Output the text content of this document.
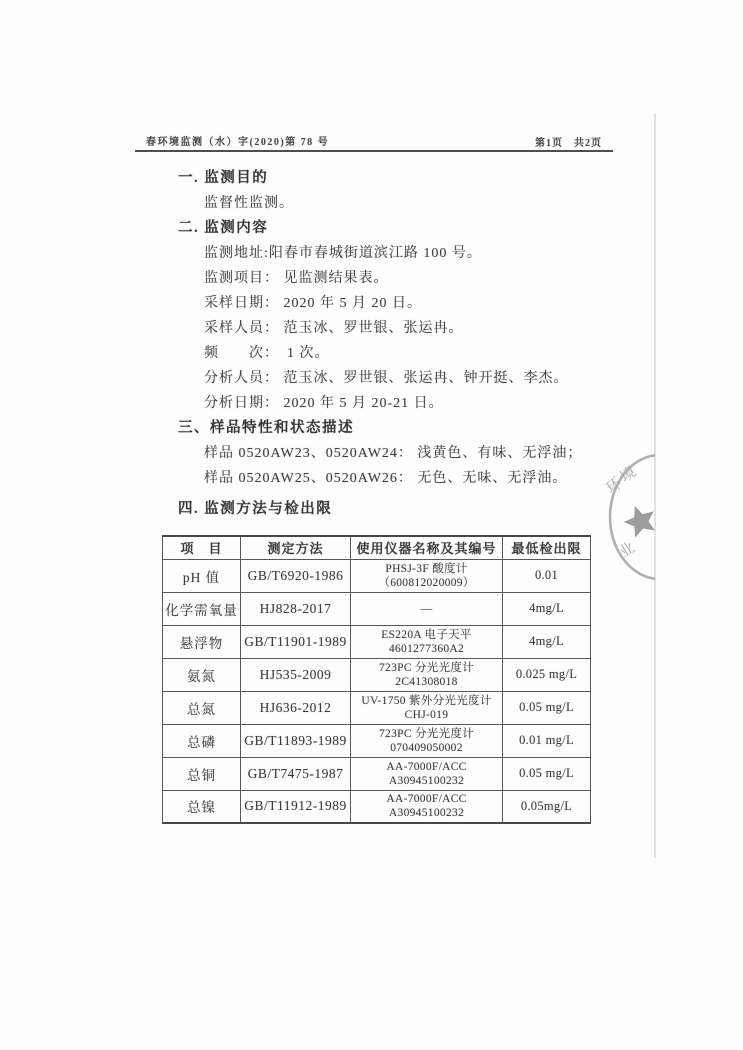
春环境监测（水）字(2020)第 78 号	第1页　共2页
一. 监测目的
监督性监测。
二. 监测内容
监测地址:阳春市春城街道滨江路 100 号。
监测项目： 见监测结果表。
采样日期： 2020 年 5 月 20 日。
采样人员： 范玉冰、罗世银、张运冉。
频　　次：　1 次。
分析人员： 范玉冰、罗世银、张运冉、钟开挺、李杰。
分析日期： 2020 年 5 月 20-21 日。
三、样品特性和状态描述
样品 0520AW23、0520AW24： 浅黄色、有味、无浮油；
样品 0520AW25、0520AW26： 无色、无味、无浮油。
四. 监测方法与检出限
项　目	测定方法	使用仪器名称及其编号	最低检出限
pH 值	GB/T6920-1986	PHSJ-3F 酸度计
（600812020009）	0.01
化学需氧量	HJ828-2017	—	4mg/L
悬浮物	GB/T11901-1989	ES220A 电子天平
4601277360A2	4mg/L
氨氮	HJ535-2009	723PC 分光光度计
2C41308018	0.025 mg/L
总氮	HJ636-2012	UV-1750 紫外分光光度计
CHJ-019	0.05 mg/L
总磷	GB/T11893-1989	723PC 分光光度计
070409050002	0.01 mg/L
总铜	GB/T7475-1987	AA-7000F/ACC
A30945100232	0.05 mg/L
总镍	GB/T11912-1989	AA-7000F/ACC
A30945100232	0.05mg/L
环境
业
